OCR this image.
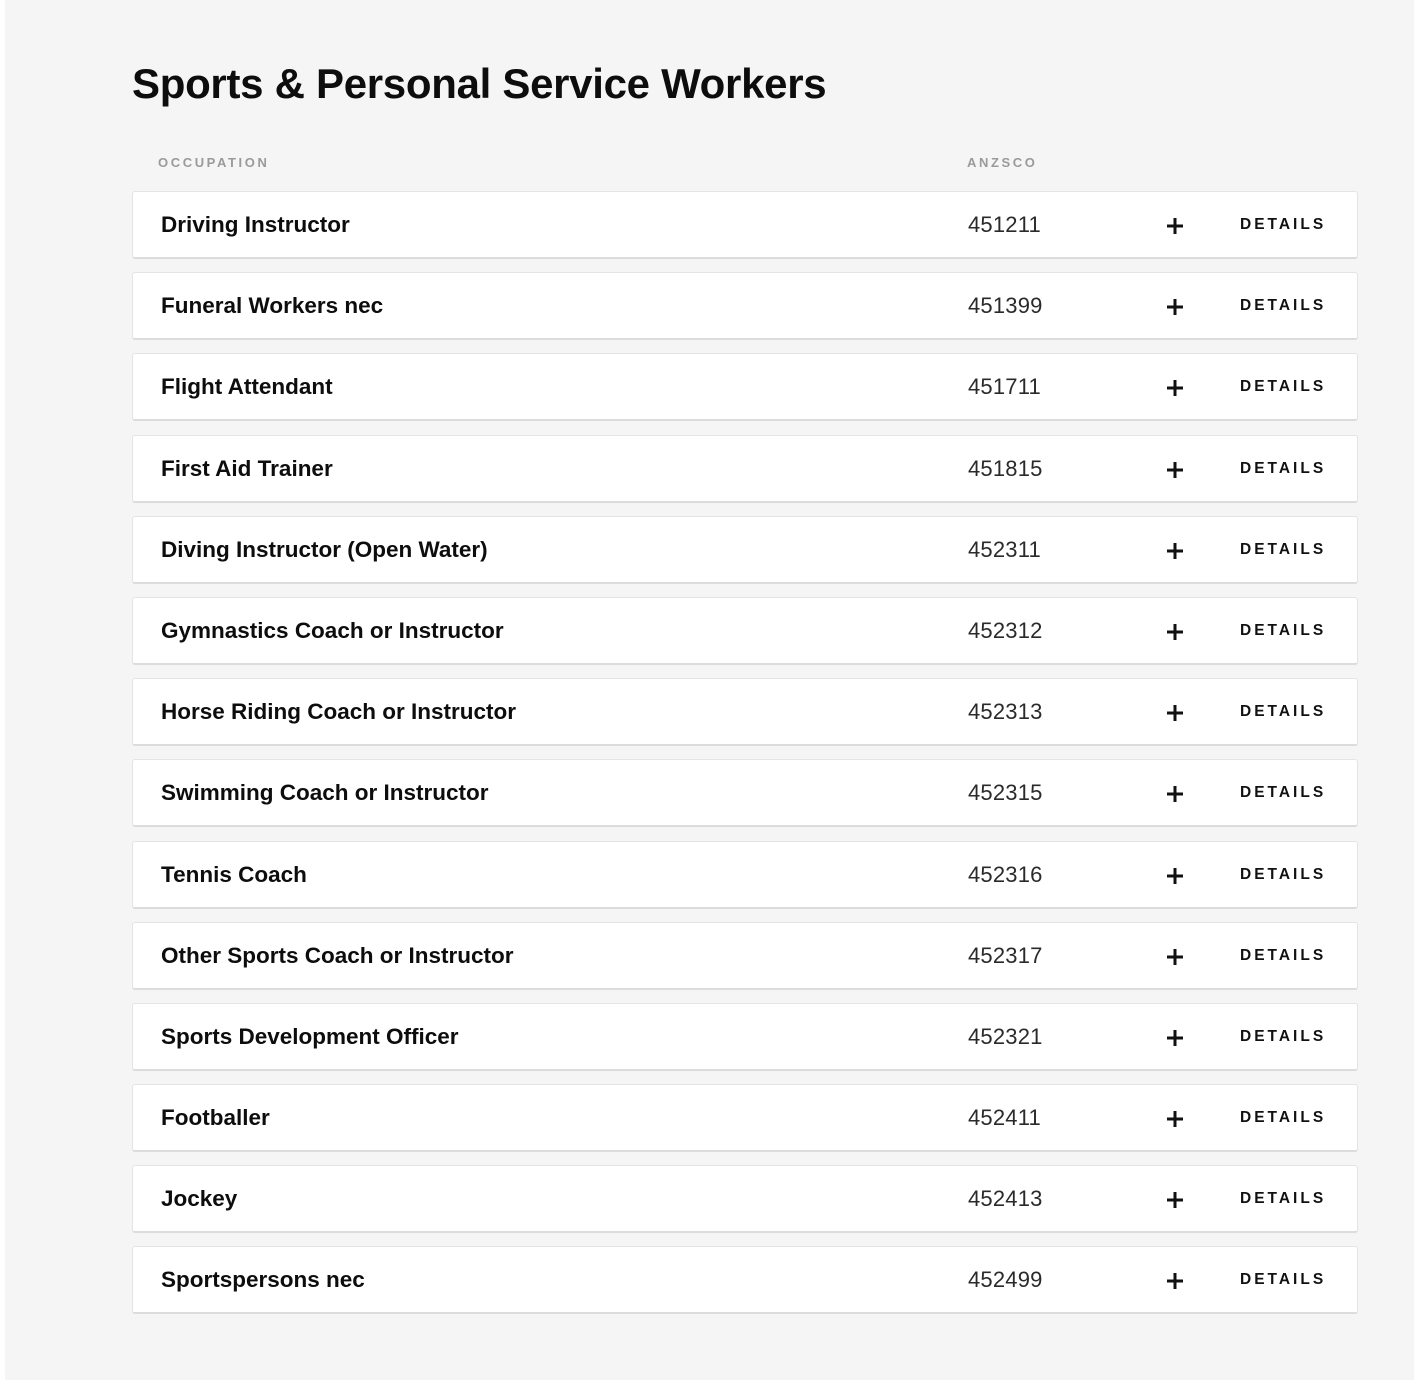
Sports & Personal Service Workers
OCCUPATION	ANZSCO
Driving Instructor	451211	DETAILS
Funeral Workers nec	451399	DETAILS
Flight Attendant	451711	DETAILS
First Aid Trainer	451815	DETAILS
Diving Instructor (Open Water)	452311	DETAILS
Gymnastics Coach or Instructor	452312	DETAILS
Horse Riding Coach or Instructor	452313	DETAILS
Swimming Coach or Instructor	452315	DETAILS
Tennis Coach	452316	DETAILS
Other Sports Coach or Instructor	452317	DETAILS
Sports Development Officer	452321	DETAILS
Footballer	452411	DETAILS
Jockey	452413	DETAILS
Sportspersons nec	452499	DETAILS
